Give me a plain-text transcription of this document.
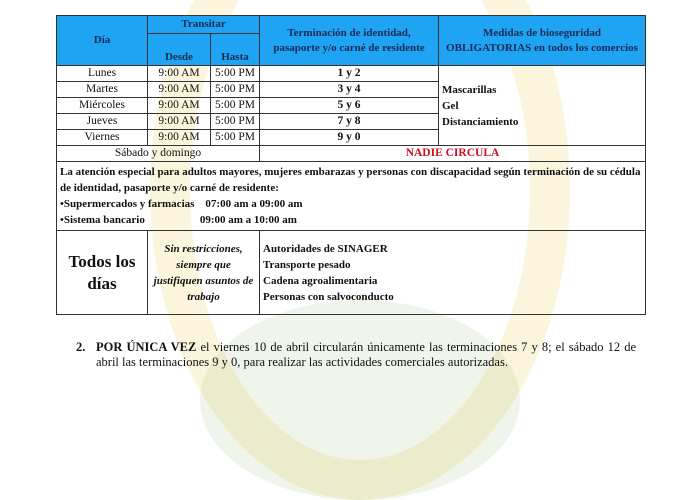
Día	Transitar		Terminación de identidad, pasaporte y/o carné de residente	Medidas de bioseguridad OBLIGATORIAS en todos los comercios
	Desde	Hasta		
Lunes	9:00 AM	5:00 PM	1 y 2	Mascarillas
Gel
Distanciamiento

Martes	9:00 AM	5:00 PM	3 y 4	
Miércoles	9:00 AM	5:00 PM	5 y 6	
Jueves	9:00 AM	5:00 PM	7 y 8	
Viernes	9:00 AM	5:00 PM	9 y 0	
Sábado y domingo			NADIE CIRCULA	

La atención especial para adultos mayores, mujeres embarazas y personas con discapacidad según terminación de su cédula de identidad, pasaporte y/o carné de residente:
•Supermercados y farmacias    07:00 am a 09:00 am
•Sistema bancario                    09:00 am a 10:00 am				

Todos los días	Sin restricciones, siempre que justifiquen asuntos de trabajo		Autoridades de SINAGER
Transporte pesado
Cadena agroalimentaria
Personas con salvoconducto	
2. POR ÚNICA VEZ el viernes 10 de abril circularán únicamente las terminaciones 7 y 8; el sábado 12 de abril las terminaciones 9 y 0, para realizar las actividades comerciales autorizadas.
